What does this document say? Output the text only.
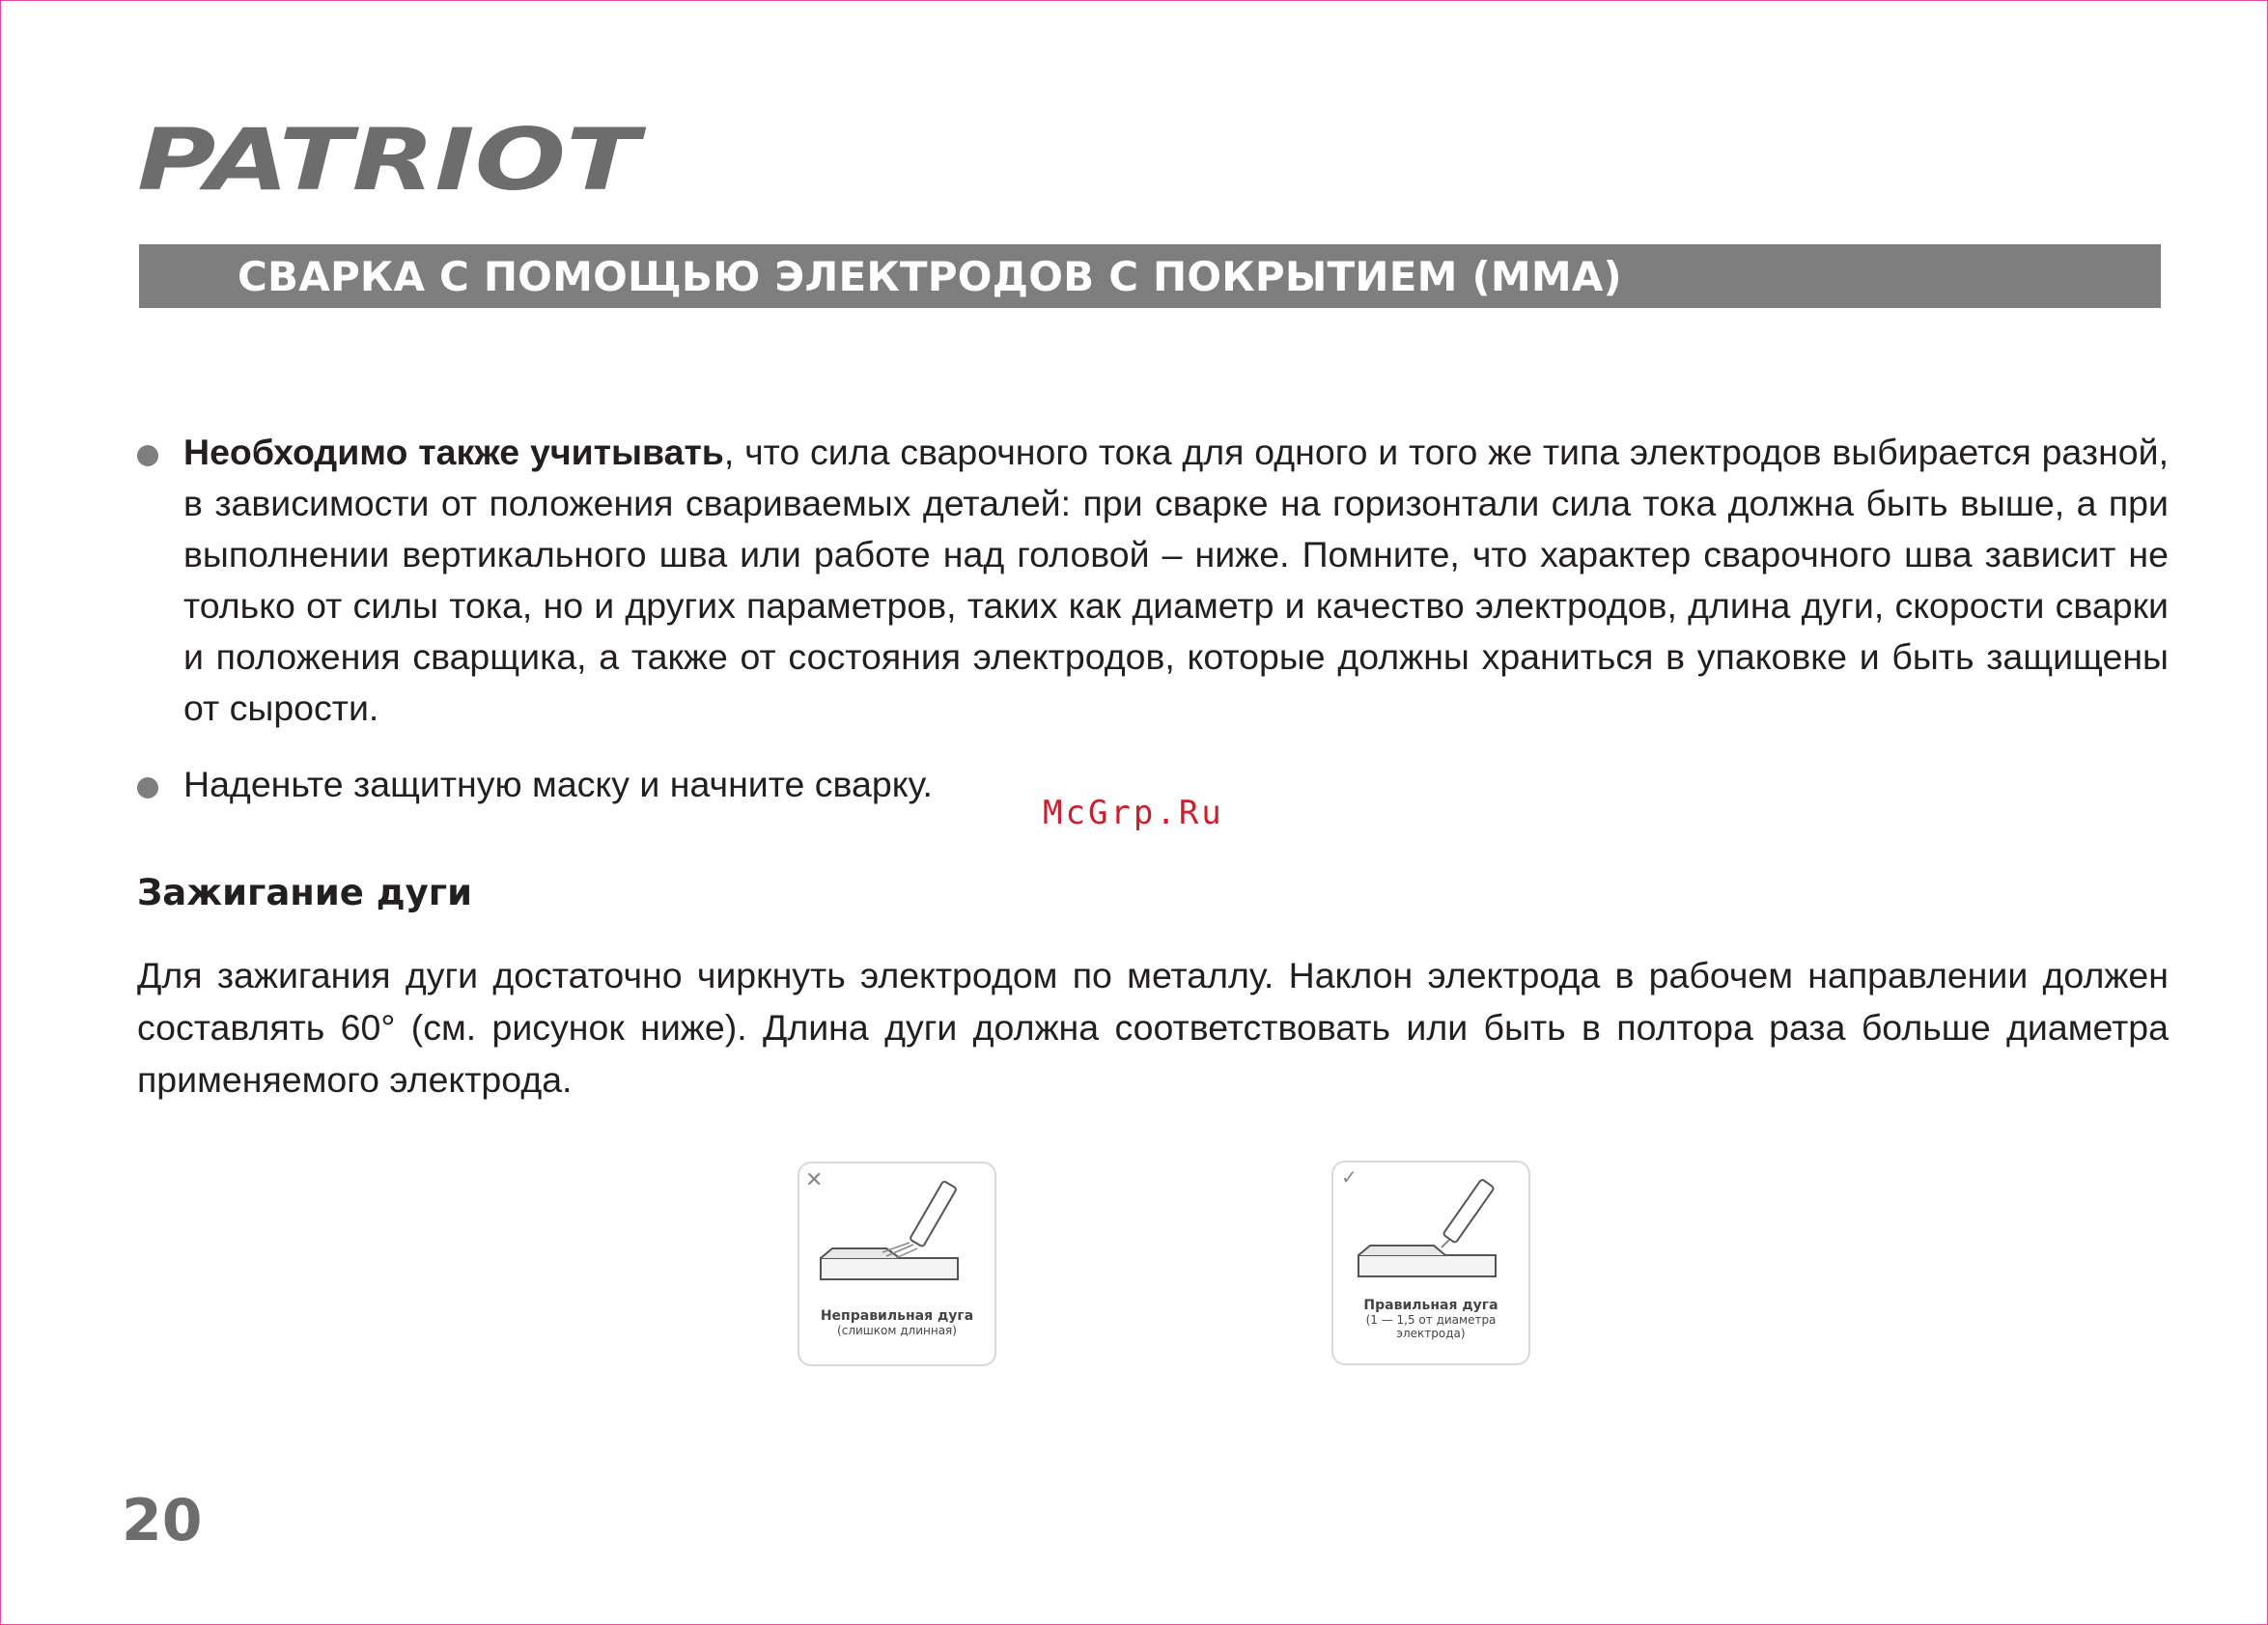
PATRIOT
СВАРКА С ПОМОЩЬЮ ЭЛЕКТРОДОВ С ПОКРЫТИЕМ (MMA)
Необходимо также учитывать, что сила сварочного тока для одного и того же типа электродов выбирается разной, в зависимости от положения свариваемых деталей: при сварке на горизонтали сила тока должна быть выше, а при выполнении вертикального шва или работе над головой – ниже. Помните, что характер сварочного шва зависит не только от силы тока, но и других параметров, таких как диаметр и качество электродов, длина дуги, скорости сварки и положения сварщика, а также от состояния электродов, которые должны храниться в упаковке и быть защищены от сырости.
Наденьте защитную маску и начните сварку.
McGrp.Ru
Зажигание дуги
Для зажигания дуги достаточно чиркнуть электродом по металлу. Наклон электрода в рабочем направлении должен составлять 60° (см. рисунок ниже). Длина дуги должна соответствовать или быть в полтора раза больше диаметра применяемого электрода.
✕
Неправильная дуга
(слишком длинная)
✓
Правильная дуга
(1 — 1,5 от диаметра
электрода)
20
